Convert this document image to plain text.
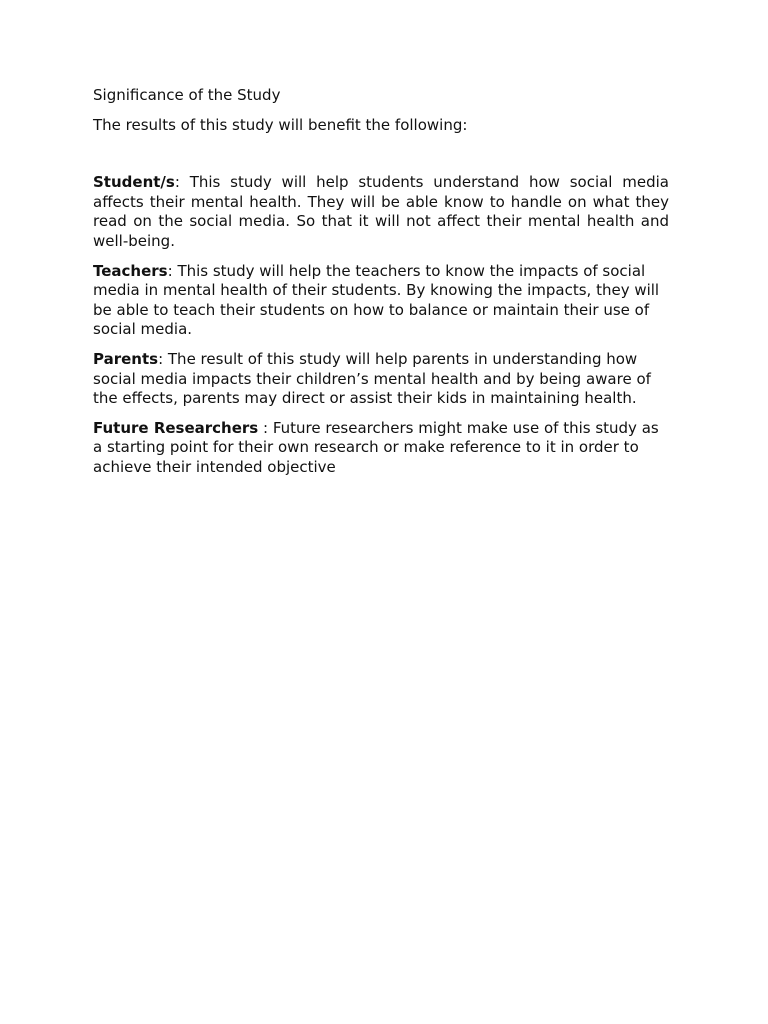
Significance of the Study

The results of this study will benefit the following:

Student/s: This study will help students understand how social media affects their mental health. They will be able know to handle on what they read on the social media. So that it will not affect their mental health and well-being.

Teachers: This study will help the teachers to know the impacts of social media in mental health of their students. By knowing the impacts, they will be able to teach their students on how to balance or maintain their use of social media.

Parents: The result of this study will help parents in understanding how social media impacts their children’s mental health and by being aware of the effects, parents may direct or assist their kids in maintaining health.

Future Researchers : Future researchers might make use of this study as a starting point for their own research or make reference to it in order to achieve their intended objective
